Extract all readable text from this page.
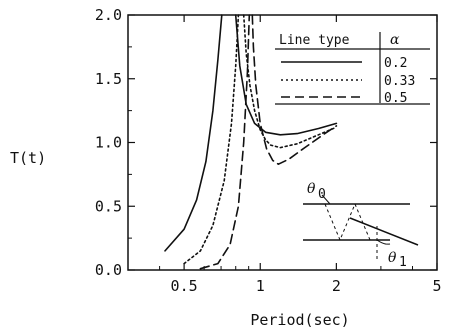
0.5	1	2	5
0.0
0.5
1.0
1.5
2.0
T(t)
Period(sec)
Line type	α
0.2
0.33
0.5
θ 0
θ 1
